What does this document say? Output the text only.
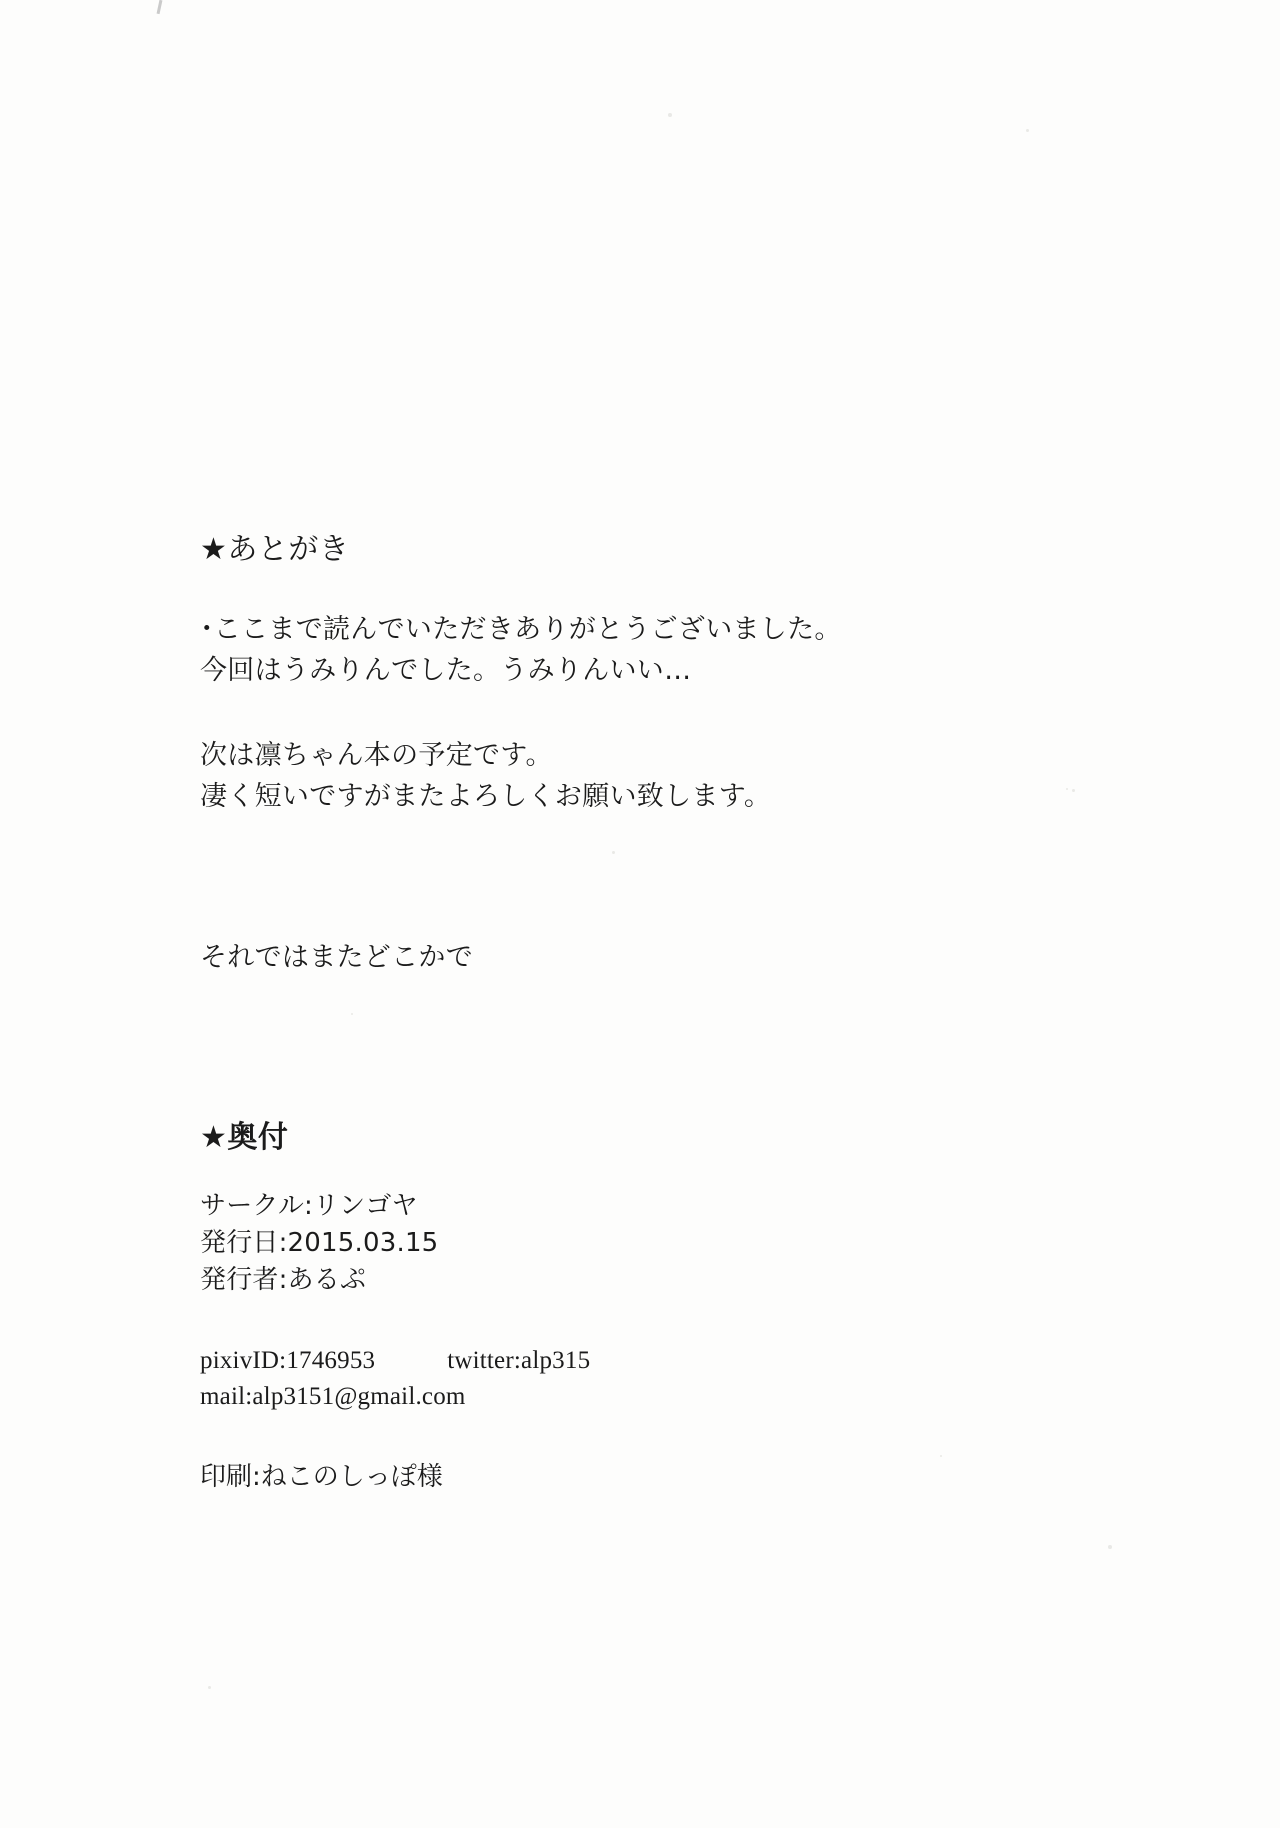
★あとがき

･ここまで読んでいただきありがとうございました。

今回はうみりんでした。うみりんいい…

次は凛ちゃん本の予定です。

凄く短いですがまたよろしくお願い致します。

それではまたどこかで

★奥付

サークル:リンゴヤ

発行日:2015.03.15

発行者:あるぷ

pixivID:1746953	twitter:alp315

mail:alp3151@gmail.com

印刷:ねこのしっぽ様
